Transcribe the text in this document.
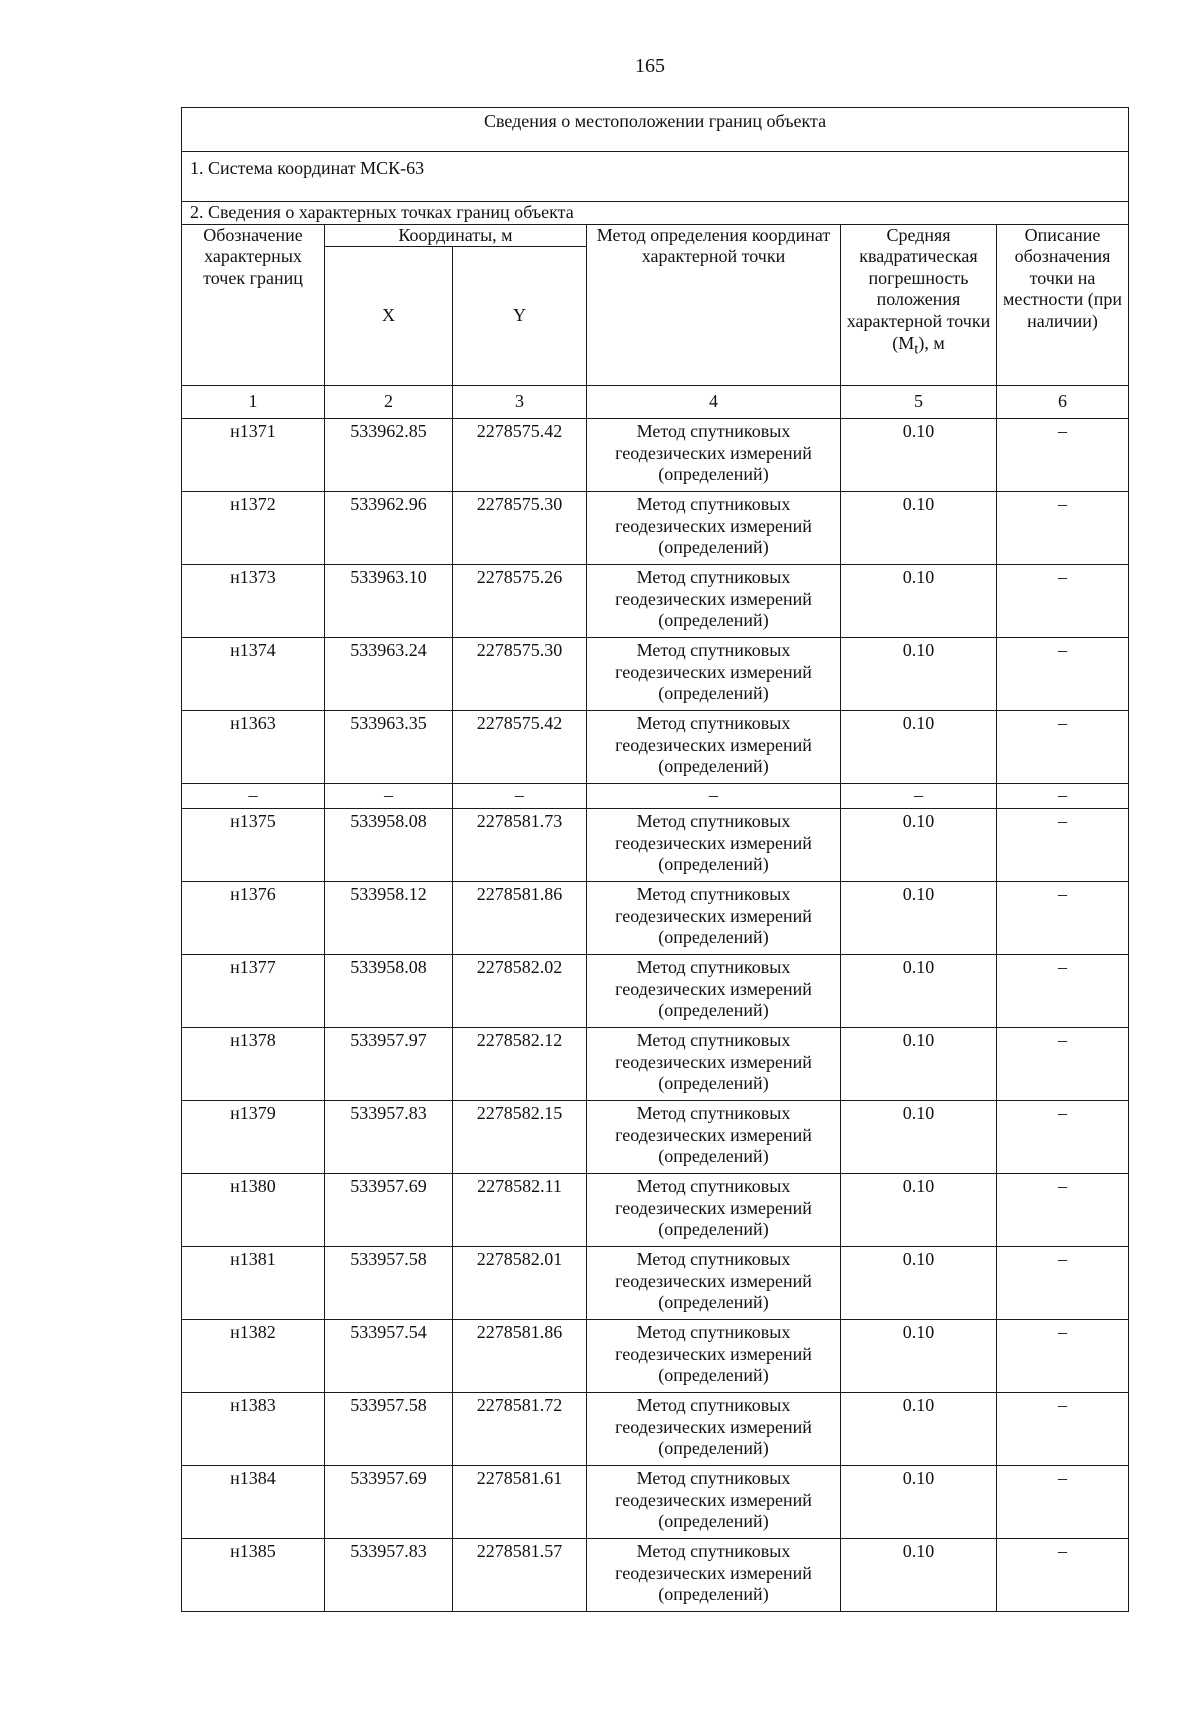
165
Сведения о местоположении границ объекта					
1. Система координат МСК-63					
2. Сведения о характерных точках границ объекта					
Обозначение характерных точек границ	Координаты, м		Метод определения координат характерной точки	Средняя квадратическая погрешность положения характерной точки $(M_t)$, м	Описание обозначения точки на местности (при наличии)
	X	Y			
1	2	3	4	5	6
н1371	533962.85	2278575.42	Метод спутниковых геодезических измерений (определений)	0.10	–
н1372	533962.96	2278575.30	Метод спутниковых геодезических измерений (определений)	0.10	–
н1373	533963.10	2278575.26	Метод спутниковых геодезических измерений (определений)	0.10	–
н1374	533963.24	2278575.30	Метод спутниковых геодезических измерений (определений)	0.10	–
н1363	533963.35	2278575.42	Метод спутниковых геодезических измерений (определений)	0.10	–
–	–	–	–	–	–
н1375	533958.08	2278581.73	Метод спутниковых геодезических измерений (определений)	0.10	–
н1376	533958.12	2278581.86	Метод спутниковых геодезических измерений (определений)	0.10	–
н1377	533958.08	2278582.02	Метод спутниковых геодезических измерений (определений)	0.10	–
н1378	533957.97	2278582.12	Метод спутниковых геодезических измерений (определений)	0.10	–
н1379	533957.83	2278582.15	Метод спутниковых геодезических измерений (определений)	0.10	–
н1380	533957.69	2278582.11	Метод спутниковых геодезических измерений (определений)	0.10	–
н1381	533957.58	2278582.01	Метод спутниковых геодезических измерений (определений)	0.10	–
н1382	533957.54	2278581.86	Метод спутниковых геодезических измерений (определений)	0.10	–
н1383	533957.58	2278581.72	Метод спутниковых геодезических измерений (определений)	0.10	–
н1384	533957.69	2278581.61	Метод спутниковых геодезических измерений (определений)	0.10	–
н1385	533957.83	2278581.57	Метод спутниковых геодезических измерений (определений)	0.10	–
